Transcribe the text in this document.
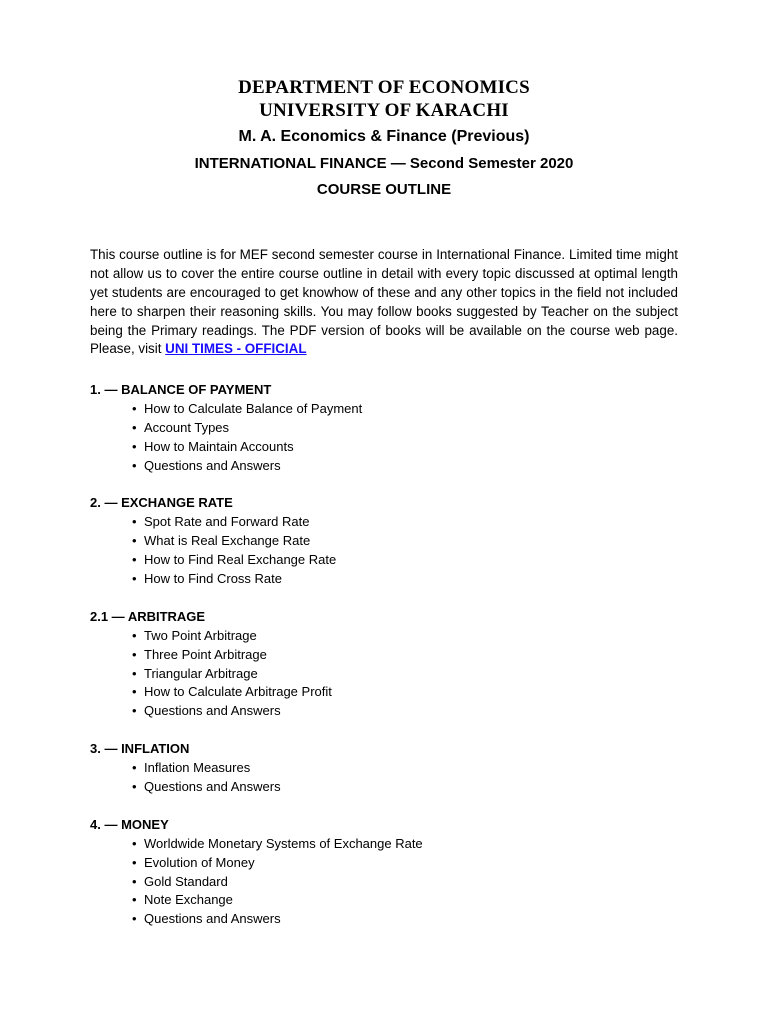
DEPARTMENT OF ECONOMICS
UNIVERSITY OF KARACHI
M. A. Economics & Finance (Previous)
INTERNATIONAL FINANCE — Second Semester 2020
COURSE OUTLINE

This course outline is for MEF second semester course in International Finance. Limited time might not allow us to cover the entire course outline in detail with every topic discussed at optimal length yet students are encouraged to get knowhow of these and any other topics in the field not included here to sharpen their reasoning skills. You may follow books suggested by Teacher on the subject being the Primary readings. The PDF version of books will be available on the course web page. Please, visit UNI TIMES - OFFICIAL

1. — BALANCE OF PAYMENT
• How to Calculate Balance of Payment
• Account Types
• How to Maintain Accounts
• Questions and Answers
2. — EXCHANGE RATE
• Spot Rate and Forward Rate
• What is Real Exchange Rate
• How to Find Real Exchange Rate
• How to Find Cross Rate
2.1 — ARBITRAGE
• Two Point Arbitrage
• Three Point Arbitrage
• Triangular Arbitrage
• How to Calculate Arbitrage Profit
• Questions and Answers
3. — INFLATION
• Inflation Measures
• Questions and Answers
4. — MONEY
• Worldwide Monetary Systems of Exchange Rate
• Evolution of Money
• Gold Standard
• Note Exchange
• Questions and Answers
